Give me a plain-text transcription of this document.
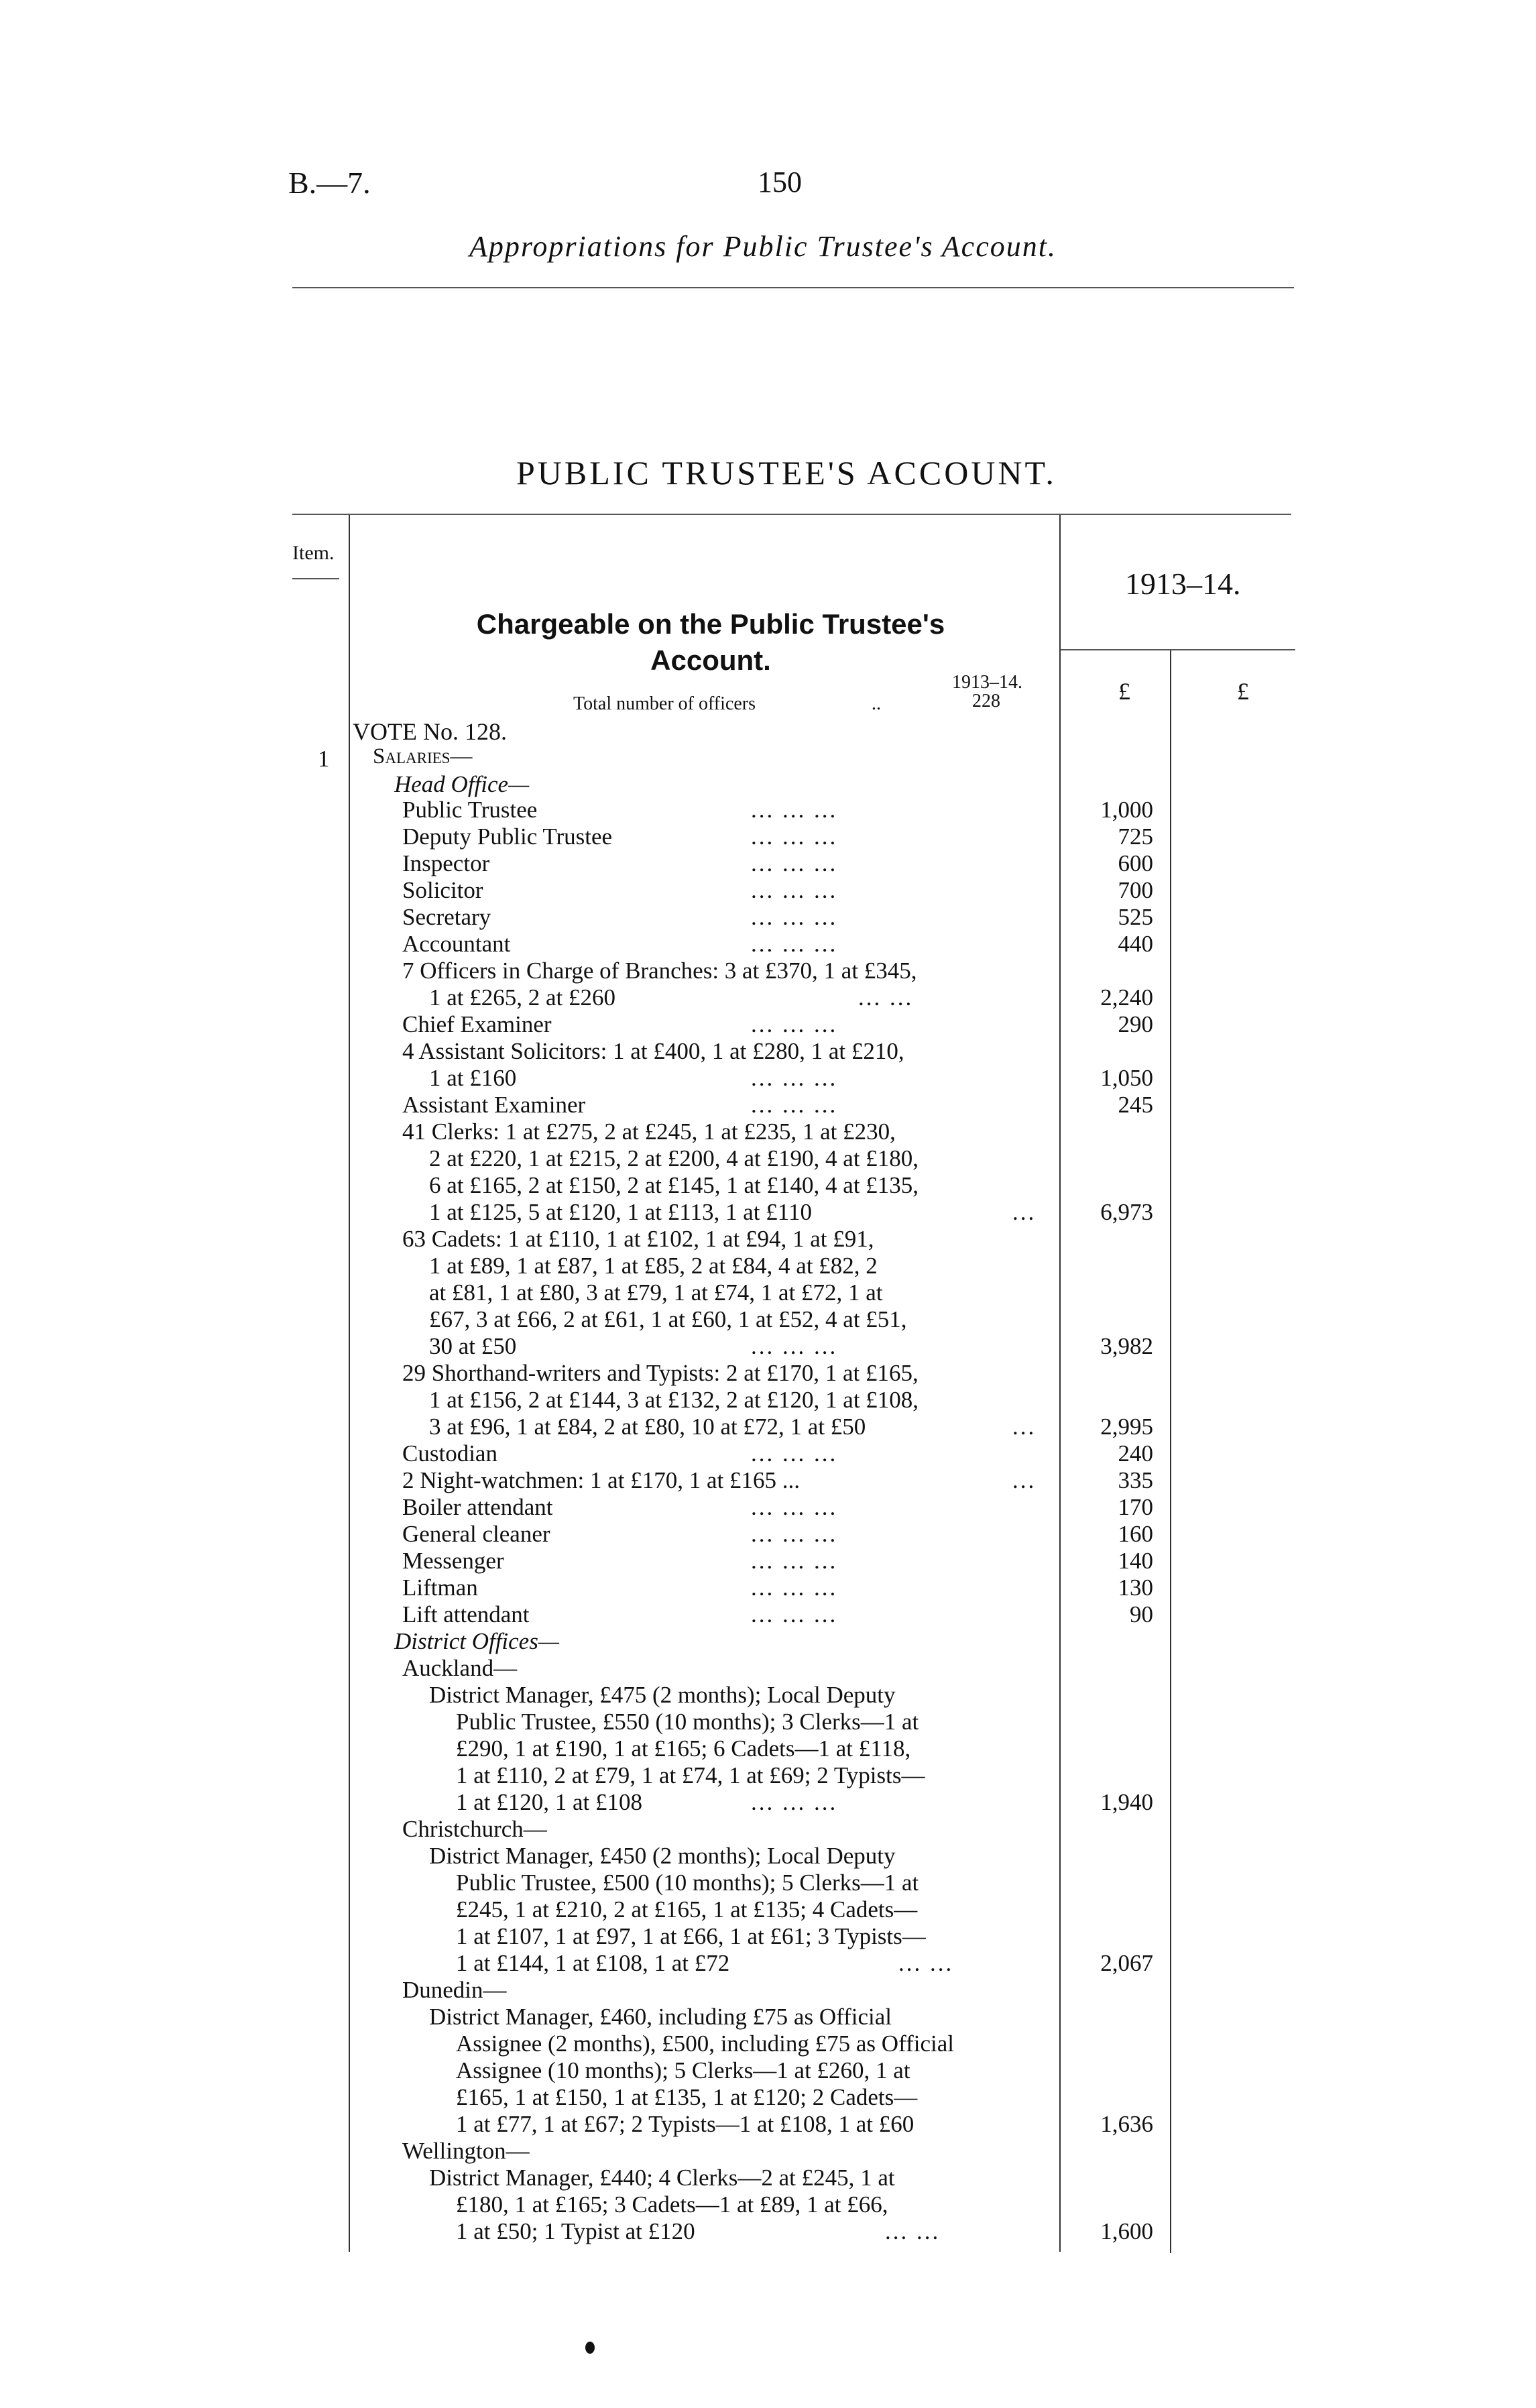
B.—7.	150
Appropriations for Public Trustee's Account.
PUBLIC TRUSTEE'S ACCOUNT.
Item.
1913–14.
Chargeable on the Public Trustee's
Account.
1913–14.
Total number of officers	..	228	£	£
VOTE No. 128.
1 Salaries—
Head Office—
Public Trustee	... ... ...	1,000
Deputy Public Trustee	... ... ...	725
Inspector	... ... ...	600
Solicitor	... ... ...	700
Secretary	... ... ...	525
Accountant	... ... ...	440
7 Officers in Charge of Branches: 3 at £370, 1 at £345,
1 at £265, 2 at £260	... ...	2,240
Chief Examiner	... ... ...	290
4 Assistant Solicitors: 1 at £400, 1 at £280, 1 at £210,
1 at £160	... ... ...	1,050
Assistant Examiner	... ... ...	245
41 Clerks: 1 at £275, 2 at £245, 1 at £235, 1 at £230,
2 at £220, 1 at £215, 2 at £200, 4 at £190, 4 at £180,
6 at £165, 2 at £150, 2 at £145, 1 at £140, 4 at £135,
1 at £125, 5 at £120, 1 at £113, 1 at £110	...	6,973
63 Cadets: 1 at £110, 1 at £102, 1 at £94, 1 at £91,
1 at £89, 1 at £87, 1 at £85, 2 at £84, 4 at £82, 2
at £81, 1 at £80, 3 at £79, 1 at £74, 1 at £72, 1 at
£67, 3 at £66, 2 at £61, 1 at £60, 1 at £52, 4 at £51,
30 at £50	... ... ...	3,982
29 Shorthand-writers and Typists: 2 at £170, 1 at £165,
1 at £156, 2 at £144, 3 at £132, 2 at £120, 1 at £108,
3 at £96, 1 at £84, 2 at £80, 10 at £72, 1 at £50	...	2,995
Custodian	... ... ...	240
2 Night-watchmen: 1 at £170, 1 at £165 ...	...	335
Boiler attendant	... ... ...	170
General cleaner	... ... ...	160
Messenger	... ... ...	140
Liftman	... ... ...	130
Lift attendant	... ... ...	90
District Offices—
Auckland—
District Manager, £475 (2 months); Local Deputy
Public Trustee, £550 (10 months); 3 Clerks—1 at
£290, 1 at £190, 1 at £165; 6 Cadets—1 at £118,
1 at £110, 2 at £79, 1 at £74, 1 at £69; 2 Typists—
1 at £120, 1 at £108	... ... ...	1,940
Christchurch—
District Manager, £450 (2 months); Local Deputy
Public Trustee, £500 (10 months); 5 Clerks—1 at
£245, 1 at £210, 2 at £165, 1 at £135; 4 Cadets—
1 at £107, 1 at £97, 1 at £66, 1 at £61; 3 Typists—
1 at £144, 1 at £108, 1 at £72	... ...	2,067
Dunedin—
District Manager, £460, including £75 as Official
Assignee (2 months), £500, including £75 as Official
Assignee (10 months); 5 Clerks—1 at £260, 1 at
£165, 1 at £150, 1 at £135, 1 at £120; 2 Cadets—
1 at £77, 1 at £67; 2 Typists—1 at £108, 1 at £60	1,636
Wellington—
District Manager, £440; 4 Clerks—2 at £245, 1 at
£180, 1 at £165; 3 Cadets—1 at £89, 1 at £66,
1 at £50; 1 Typist at £120	... ...	1,600
